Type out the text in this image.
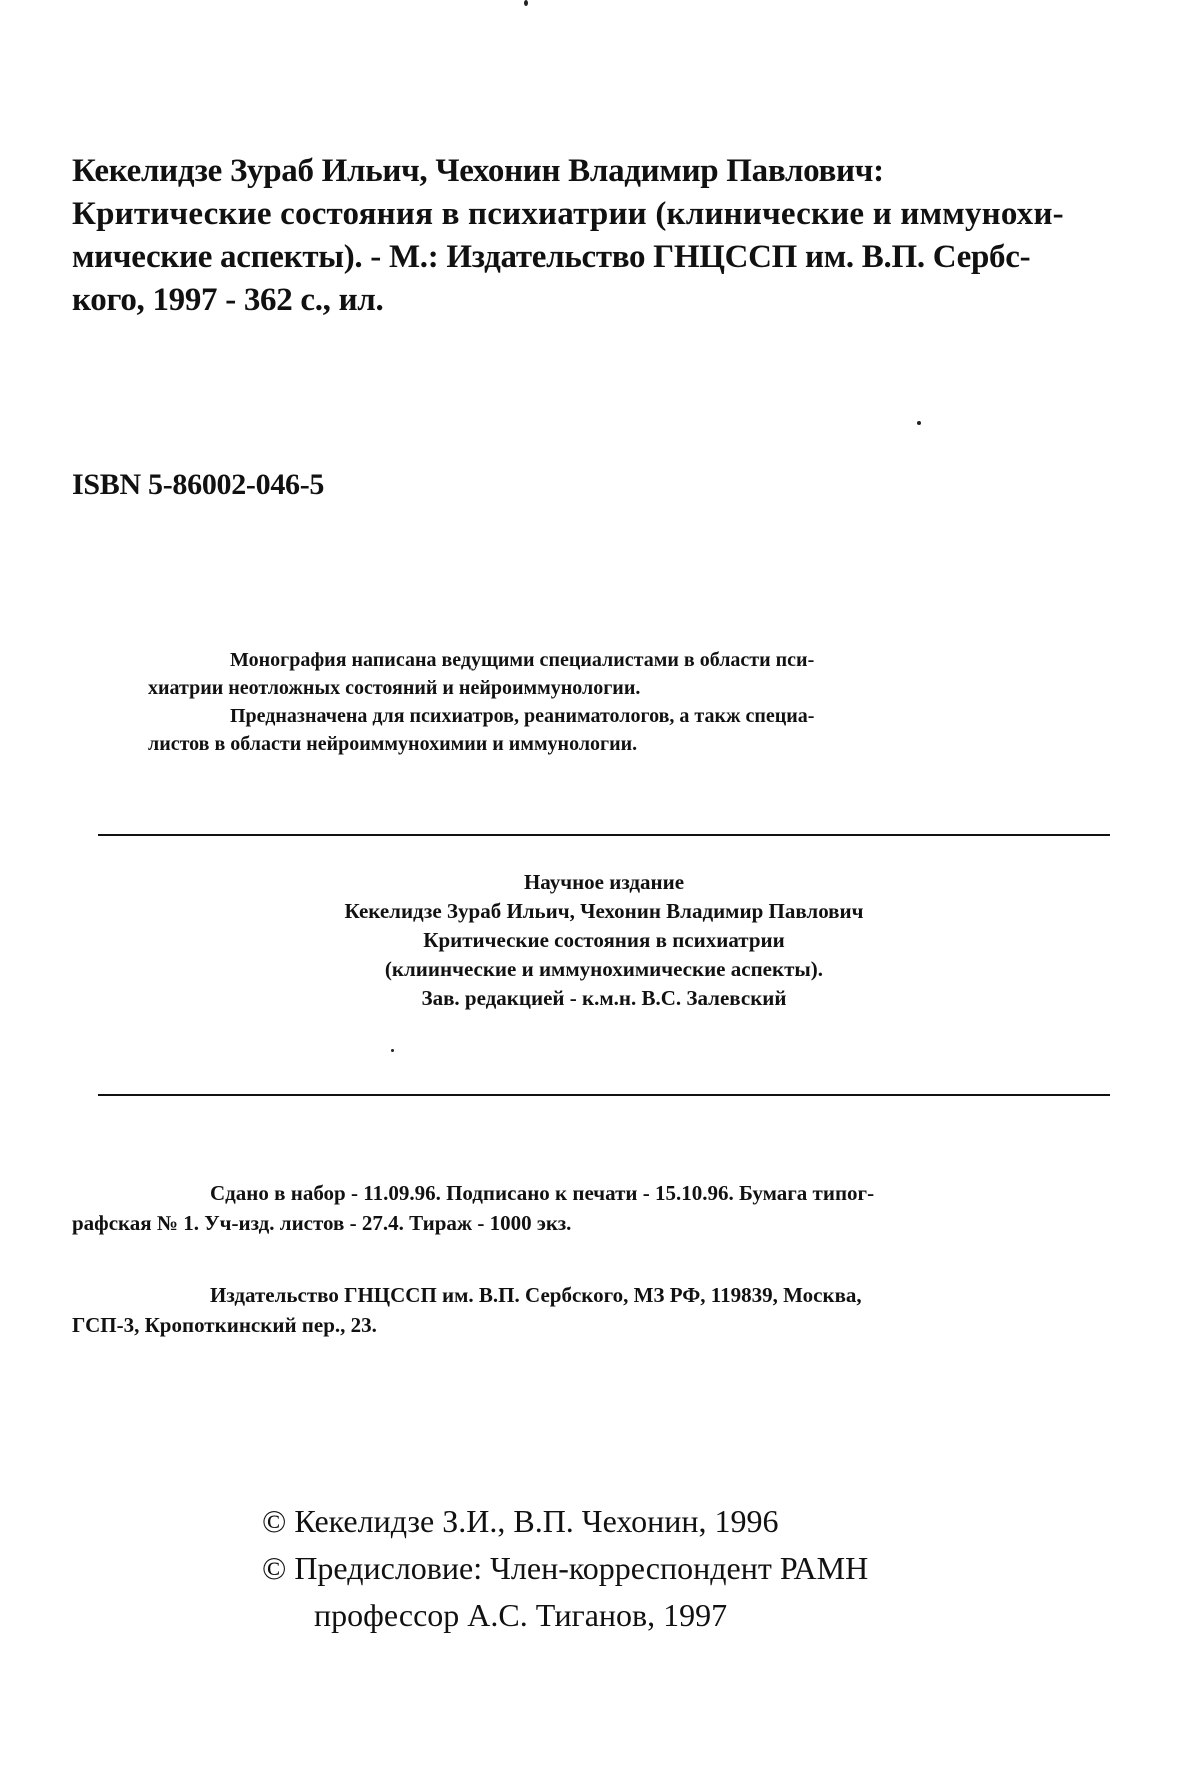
Кекелидзе Зураб Ильич, Чехонин Владимир Павлович:
Критические состояния в психиатрии (клинические и иммунохи-
мические аспекты). - М.: Издательство ГНЦССП им. В.П. Сербс-
кого, 1997 - 362 с., ил.
ISBN 5-86002-046-5
Монография написана ведущими специалистами в области пси-
хиатрии неотложных состояний и нейроиммунологии.
Предназначена для психиатров, реаниматологов, а такж специа-
листов в области нейроиммунохимии и иммунологии.
Научное издание
Кекелидзе Зураб Ильич, Чехонин Владимир Павлович
Критические состояния в психиатрии
(клиинческие и иммунохимические аспекты).
Зав. редакцией - к.м.н. В.С. Залевский
Сдано в набор - 11.09.96. Подписано к печати - 15.10.96. Бумага типог-
рафская № 1. Уч-изд. листов - 27.4. Тираж - 1000 экз.
Издательство ГНЦССП им. В.П. Сербского, МЗ РФ, 119839, Москва,
ГСП-3, Кропоткинский пер., 23.
© Кекелидзе З.И., В.П. Чехонин, 1996
© Предисловие: Член-корреспондент РАМН
профессор А.С. Тиганов, 1997
